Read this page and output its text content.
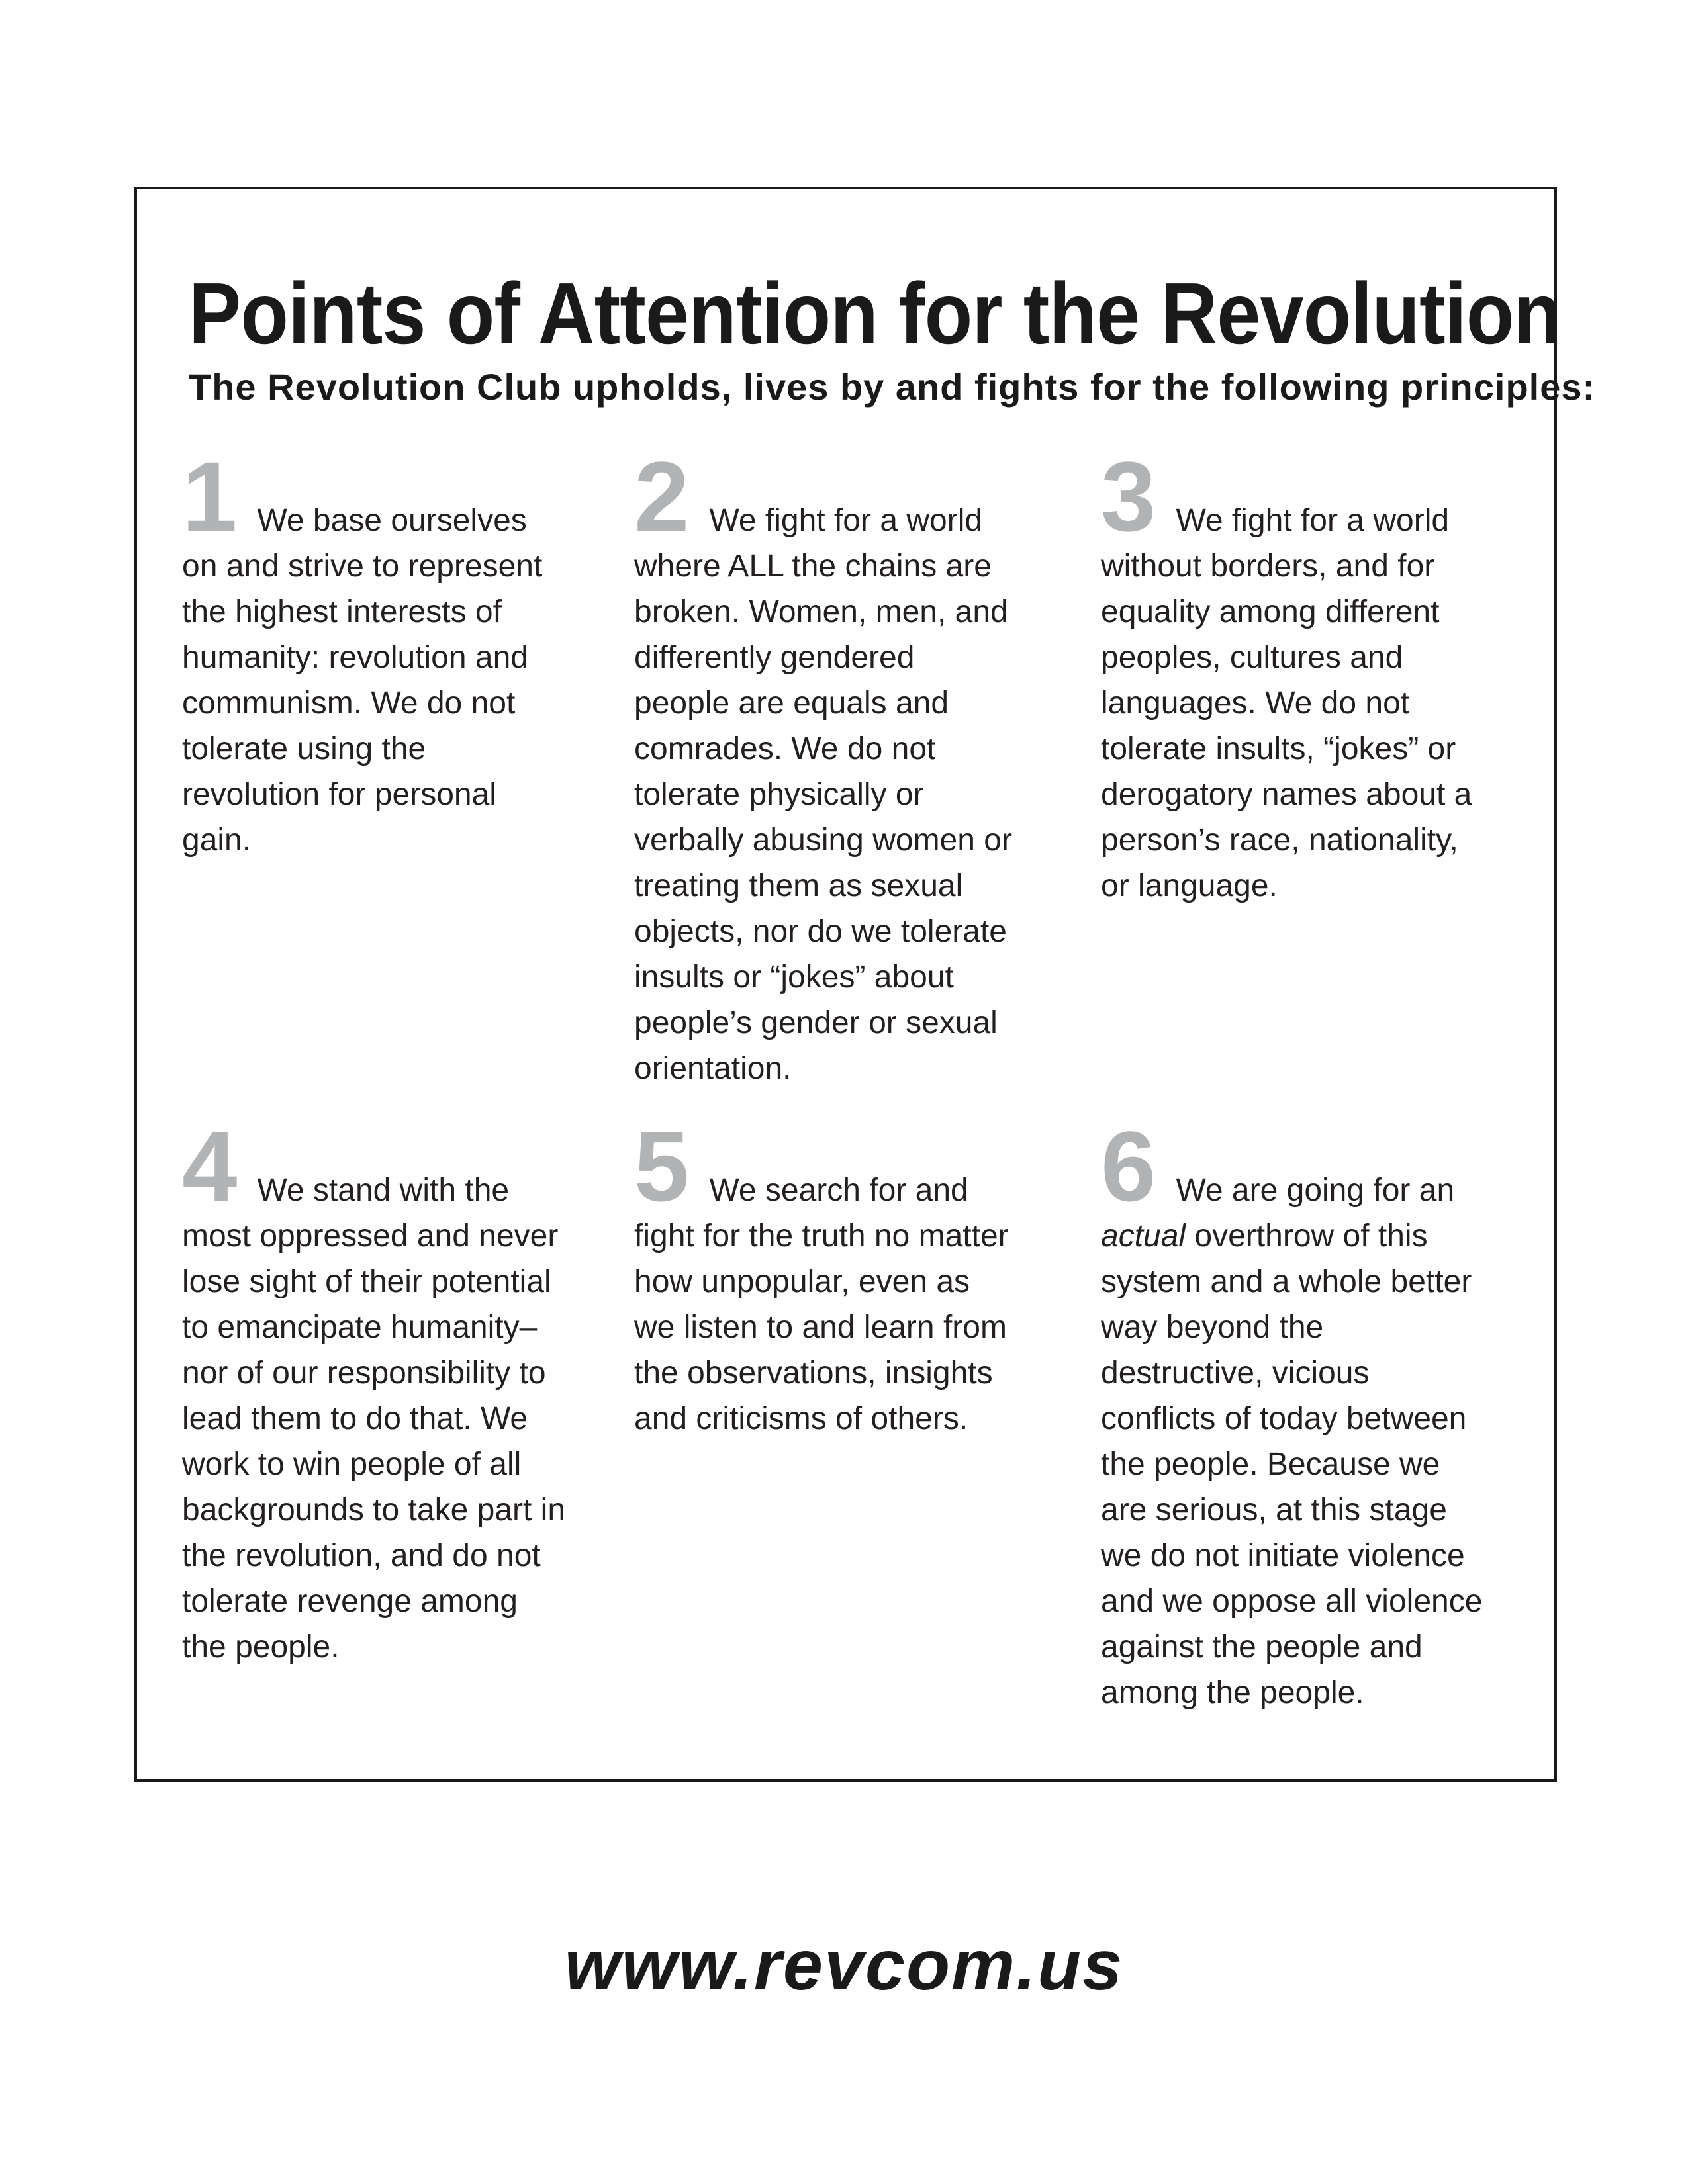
Points of Attention for the Revolution
The Revolution Club upholds, lives by and fights for the following principles:
1 We base ourselves on and strive to represent the highest interests of humanity: revolution and communism. We do not tolerate using the revolution for personal gain.
2 We fight for a world where ALL the chains are broken. Women, men, and differently gendered people are equals and comrades. We do not tolerate physically or verbally abusing women or treating them as sexual objects, nor do we tolerate insults or “jokes” about people’s gender or sexual orientation.
3 We fight for a world without borders, and for equality among different peoples, cultures and languages. We do not tolerate insults, “jokes” or derogatory names about a person’s race, nationality, or language.
4 We stand with the most oppressed and never lose sight of their potential to emancipate humanity–nor of our responsibility to lead them to do that. We work to win people of all backgrounds to take part in the revolution, and do not tolerate revenge among the people.
5 We search for and fight for the truth no matter how unpopular, even as we listen to and learn from the observations, insights and criticisms of others.
6 We are going for an actual overthrow of this system and a whole better way beyond the destructive, vicious conflicts of today between the people. Because we are serious, at this stage we do not initiate violence and we oppose all violence against the people and among the people.
www.revcom.us
